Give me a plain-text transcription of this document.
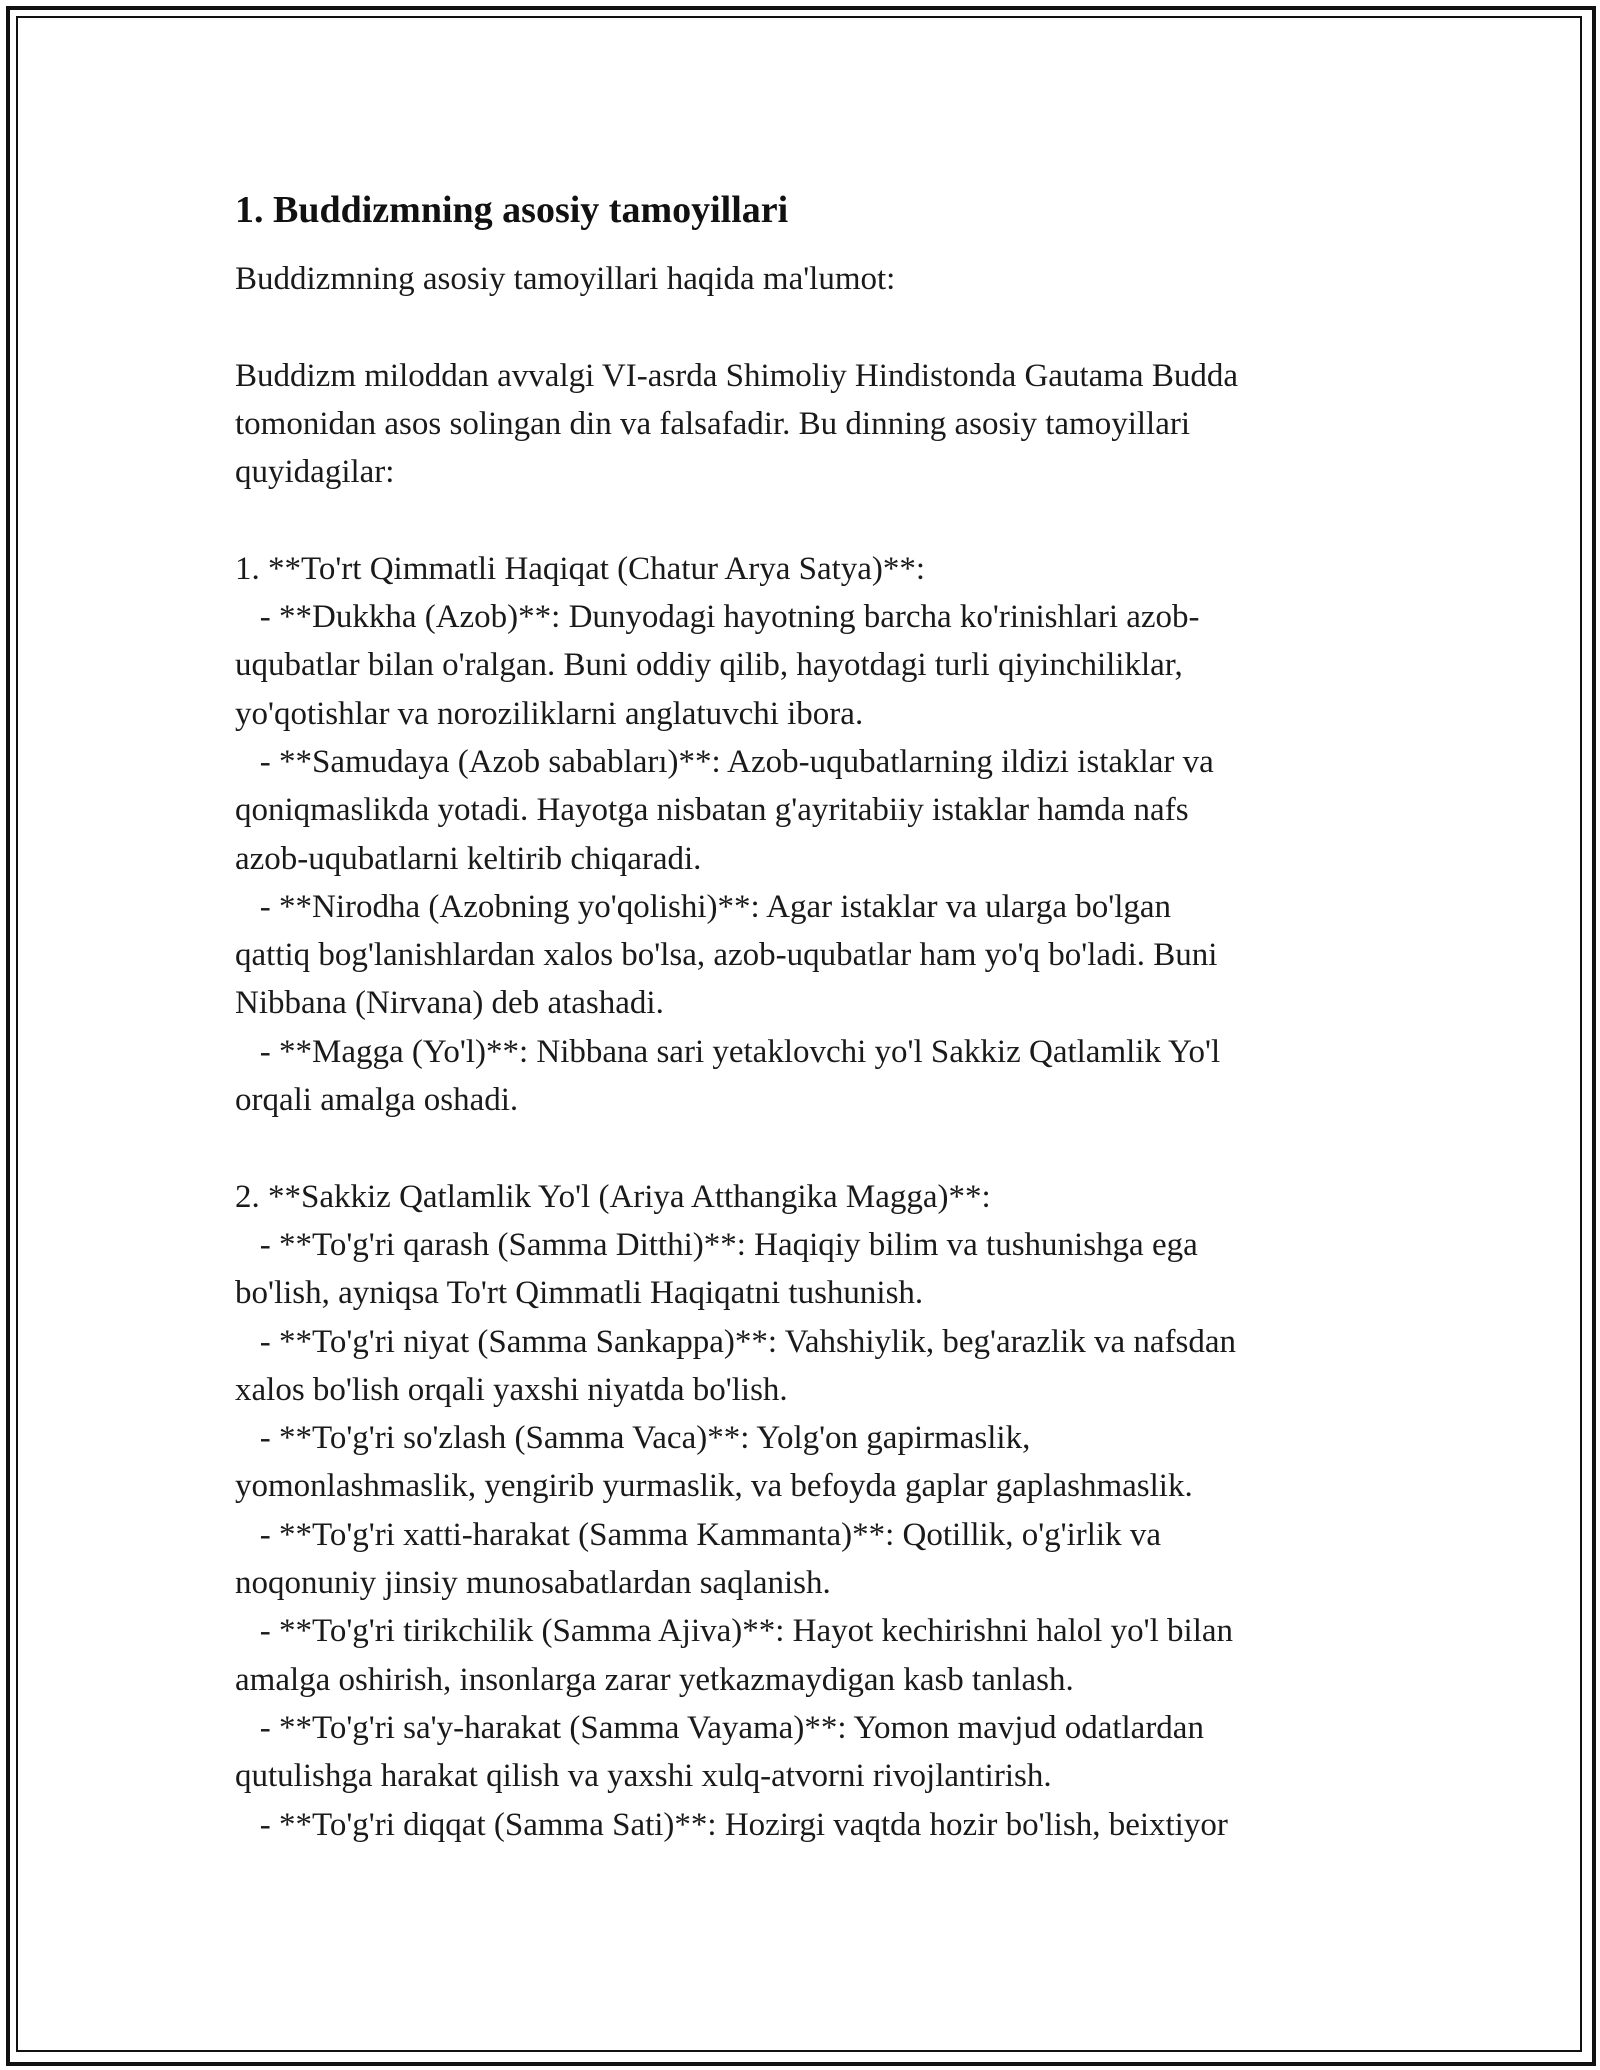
1. Buddizmning asosiy tamoyillari
Buddizmning asosiy tamoyillari haqida ma'lumot:
Buddizm miloddan avvalgi VI-asrda Shimoliy Hindistonda Gautama Budda
tomonidan asos solingan din va falsafadir. Bu dinning asosiy tamoyillari
quyidagilar:
1. **To'rt Qimmatli Haqiqat (Chatur Arya Satya)**:
- **Dukkha (Azob)**: Dunyodagi hayotning barcha ko'rinishlari azob-
uqubatlar bilan o'ralgan. Buni oddiy qilib, hayotdagi turli qiyinchiliklar,
yo'qotishlar va noroziliklarni anglatuvchi ibora.
- **Samudaya (Azob sababları)**: Azob-uqubatlarning ildizi istaklar va
qoniqmaslikda yotadi. Hayotga nisbatan g'ayritabiiy istaklar hamda nafs
azob-uqubatlarni keltirib chiqaradi.
- **Nirodha (Azobning yo'qolishi)**: Agar istaklar va ularga bo'lgan
qattiq bog'lanishlardan xalos bo'lsa, azob-uqubatlar ham yo'q bo'ladi. Buni
Nibbana (Nirvana) deb atashadi.
- **Magga (Yo'l)**: Nibbana sari yetaklovchi yo'l Sakkiz Qatlamlik Yo'l
orqali amalga oshadi.
2. **Sakkiz Qatlamlik Yo'l (Ariya Atthangika Magga)**:
- **To'g'ri qarash (Samma Ditthi)**: Haqiqiy bilim va tushunishga ega
bo'lish, ayniqsa To'rt Qimmatli Haqiqatni tushunish.
- **To'g'ri niyat (Samma Sankappa)**: Vahshiylik, beg'arazlik va nafsdan
xalos bo'lish orqali yaxshi niyatda bo'lish.
- **To'g'ri so'zlash (Samma Vaca)**: Yolg'on gapirmaslik,
yomonlashmaslik, yengirib yurmaslik, va befoyda gaplar gaplashmaslik.
- **To'g'ri xatti-harakat (Samma Kammanta)**: Qotillik, o'g'irlik va
noqonuniy jinsiy munosabatlardan saqlanish.
- **To'g'ri tirikchilik (Samma Ajiva)**: Hayot kechirishni halol yo'l bilan
amalga oshirish, insonlarga zarar yetkazmaydigan kasb tanlash.
- **To'g'ri sa'y-harakat (Samma Vayama)**: Yomon mavjud odatlardan
qutulishga harakat qilish va yaxshi xulq-atvorni rivojlantirish.
- **To'g'ri diqqat (Samma Sati)**: Hozirgi vaqtda hozir bo'lish, beixtiyor
